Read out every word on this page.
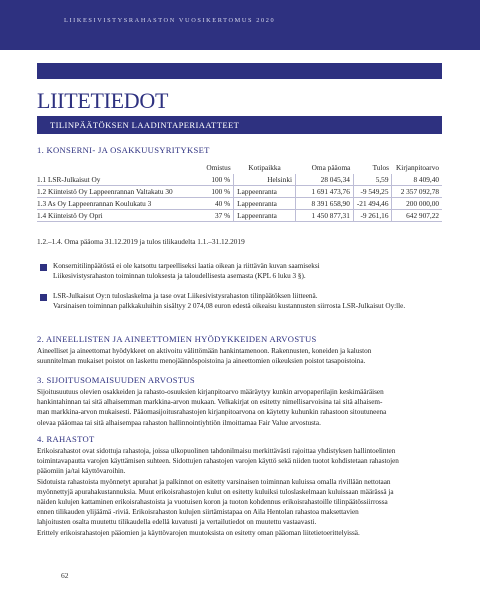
LIIKESIVISTYSRAHASTON VUOSIKERTOMUS 2020
LIITETIEDOT
TILINPÄÄTÖKSEN LAADINTAPERIAATTEET
1. KONSERNI- JA OSAKKUUSYRITYKSET
	Omistus	Kotipaikka	Oma pääoma	Tulos	Kirjanpitoarvo
1.1 LSR-Julkaisut Oy	100 %	Helsinki	28 045,34	5,59	8 409,40
1.2 Kiinteistö Oy Lappeenrannan Valtakatu 30	100 %	Lappeenranta	1 691 473,76	-9 549,25	2 357 092,78
1.3 As Oy Lappeenrannan Koulukatu 3	40 %	Lappeenranta	8 391 658,90	-21 494,46	200 000,00
1.4 Kiinteistö Oy Opri	37 %	Lappeenranta	1 450 877,31	-9 261,16	642 907,22
1.2.–1.4. Oma pääoma 31.12.2019 ja tulos tilikaudelta 1.1.–31.12.2019
Konsernitilinpäätöstä ei ole katsottu tarpeelliseksi laatia oikean ja riittävän kuvan saamiseksi
Liikesivistysrahaston toiminnan tuloksesta ja taloudellisesta asemasta (KPL 6 luku 3 §).
LSR-Julkaisut Oy:n tuloslaskelma ja tase ovat Liikesivistysrahaston tilinpäätöksen liitteenä.
Varsinaisen toiminnan palkkakuluihin sisältyy 2 074,08 euron edestä oikeaisu kustannusten siirrosta LSR-Julkaisut Oy:lle.
2. AINEELLISTEN JA AINEETTOMIEN HYÖDYKKEIDEN ARVOSTUS
Aineelliset ja aineettomat hyödykkeet on aktivoitu välittömään hankintamenoon. Rakennusten, koneiden ja kaluston
suunnitelman mukaiset poistot on laskettu menojäännöspoistoina ja aineettomien oikeuksien poistot tasapoistoina.
3. SIJOITUSOMAISUUDEN ARVOSTUS
Sijoitusuutuus olevien osakkeiden ja rahasto-osuuksien kirjanpitoarvo määräytyy kunkin arvopaperilajin keskimääräisen
hankintahinnan tai sitä alhaisemman markkina-arvon mukaan. Velkakirjat on esitetty nimellisarvoisina tai sitä alhaisem-
man markkina-arvon mukaisesti. Pääomasijoitusrahastojen kirjanpitoarvona on käytetty kuhunkin rahastoon sitoutuneena
olevaa pääomaa tai sitä alhaisempaa rahaston hallinnointiyhtiön ilmoittamaa Fair Value arvostusta.
4. RAHASTOT
Erikoisrahastot ovat sidottuja rahastoja, joissa ulkopuolinen tahdonilmaisu merkittävästi rajoittaa yhdistyksen hallintoelinten
toimintavapautta varojen käyttämisen suhteen. Sidottujen rahastojen varojen käyttö sekä niiden tuotot kohdistetaan rahastojen
pääomiin ja/tai käyttövaroihin.
Sidotuista rahastoista myönnetyt apurahat ja palkinnot on esitetty varsinaisen toiminnan kuluissa omalla rivillään nettotaan
myönnettyjä apurahakustannuksia. Muut erikoisrahastojen kulut on esitetty kuluiksi tuloslaskelmaan kuluissaan määrässä ja
näiden kulujen kattaminen erikoisrahastoista ja vuotuisen koron ja tuoton kohdennus erikoisrahastoille tilinpäätössiirrossa
ennen tilikauden ylijäämä -riviä. Erikoisrahaston kulujen siirtämistapaa on Aila Hentolan rahastoa maksettavien
lahjoitusten osalta muutettu tilikaudella edellä kuvatusti ja vertailutiedot on muutettu vastaavasti.
Erittely erikoisrahastojen pääomien ja käyttövarojen muutoksista on esitetty oman pääoman liitetietoerittelyissä.
62
